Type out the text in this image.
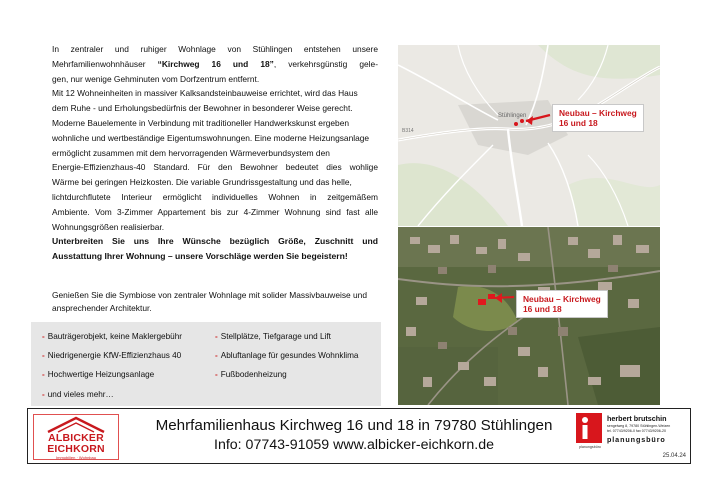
In zentraler und ruhiger Wohnlage von Stühlingen entstehen unsere

Mehrfamilienwohnhäuser “Kirchweg 16 und 18”, verkehrsgünstig gele-

gen, nur wenige Gehminuten vom Dorfzentrum entfernt.

Mit 12 Wohneinheiten in massiver Kalksandsteinbauweise errichtet, wird das Haus

dem Ruhe - und Erholungsbedürfnis der Bewohner in besonderer Weise gerecht.

Moderne Bauelemente in Verbindung mit traditioneller Handwerkskunst ergeben

wohnliche und wertbeständige Eigentumswohnungen. Eine moderne Heizungsanlage

ermöglicht zusammen mit dem hervorragenden Wärmeverbundsystem den

Energie-Effizienzhaus-40 Standard. Für den Bewohner bedeutet dies wohlige

Wärme bei geringen Heizkosten. Die variable Grundrissgestaltung und das helle,

lichtdurchflutete Interieur ermöglicht individuelles Wohnen in zeitgemäßem

Ambiente. Vom 3-Zimmer Appartement bis zur 4-Zimmer Wohnung sind fast alle

Wohnungsgrößen realisierbar.

Unterbreiten Sie uns Ihre Wünsche bezüglich Größe, Zuschnitt und

Ausstattung Ihrer Wohnung – unsere Vorschläge werden Sie begeistern!

Genießen Sie die Symbiose von zentraler Wohnlage mit solider Massivbauweise und ansprechender Architektur.

- Bauträgerobjekt, keine Maklergebühr
- Niedrigenergie KfW-Effizienzhaus 40
- Hochwertige Heizungsanlage
- und vieles mehr…
- Stellplätze, Tiefgarage und Lift
- Abluftanlage für gesundes Wohnklima
- Fußbodenheizung
Stühlingen
B314
Neubau – Kirchweg
16 und 18
Neubau – Kirchweg
16 und 18
ALBICKER
EICHKORN
Immobilien · Wohnbau
Mehrfamilienhaus Kirchweg 16 und 18 in 79780 Stühlingen
Info: 07743-91059 www.albicker-eichkorn.de
herbert brutschin
sengelweg 8, 79780 Stühlingen-Weizen
tel. 07743/9206-0 fax 07743/9206-20
planungsbüro
planungsbüro
25.04.24
